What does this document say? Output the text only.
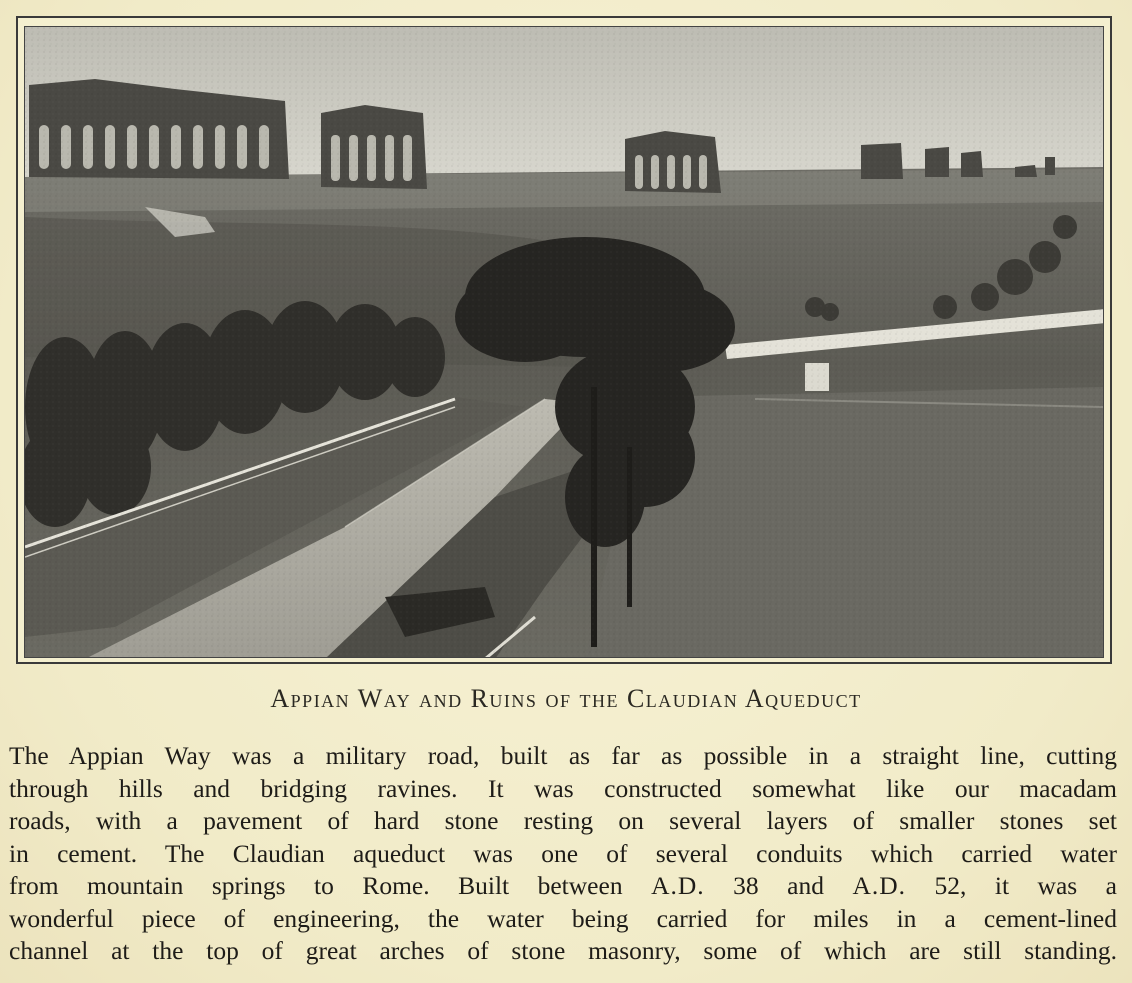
Appian Way and Ruins of the Claudian Aqueduct
The Appian Way was a military road, built as far as possible in a straight line, cutting
through hills and bridging ravines. It was constructed somewhat like our macadam
roads, with a pavement of hard stone resting on several layers of smaller stones set
in cement. The Claudian aqueduct was one of several conduits which carried water
from mountain springs to Rome. Built between A.D. 38 and A.D. 52, it was a
wonderful piece of engineering, the water being carried for miles in a cement-lined
channel at the top of great arches of stone masonry, some of which are still standing.
